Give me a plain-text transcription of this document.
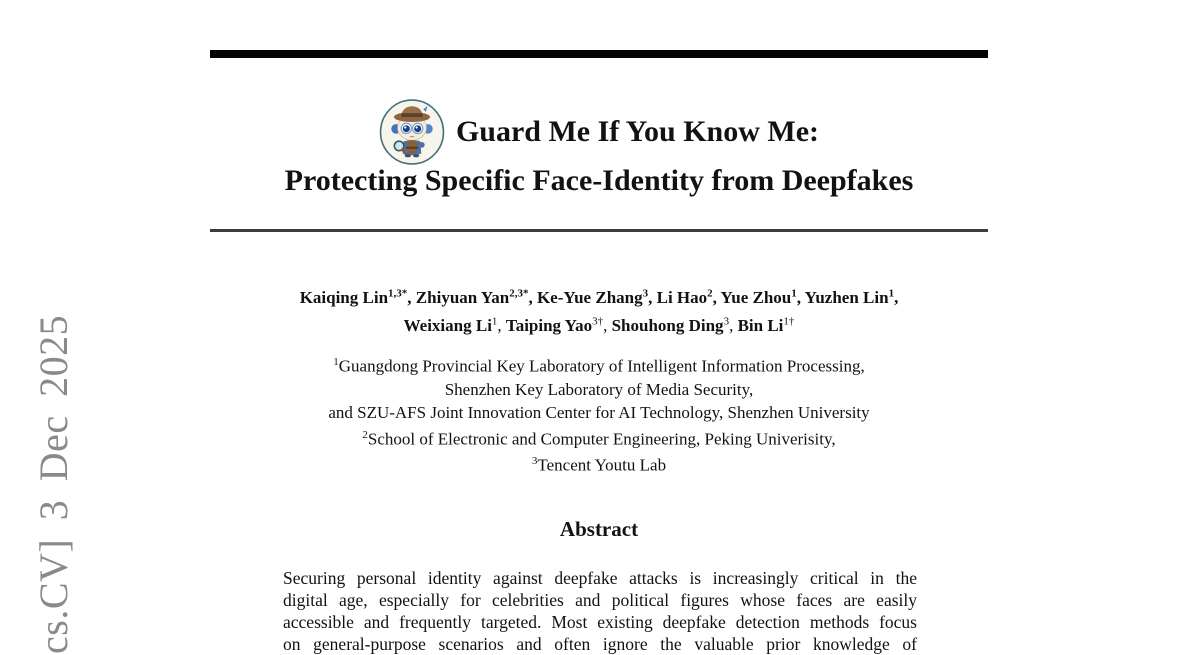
cs.CV] 3 Dec 2025
Guard Me If You Know Me:
Protecting Specific Face-Identity from Deepfakes
Kaiqing Lin$^{1,3*}$, Zhiyuan Yan$^{2,3*}$, Ke-Yue Zhang$^3$, Li Hao$^2$, Yue Zhou$^1$, Yuzhen Lin$^1$,
Weixiang Li$^1$, Taiping Yao$^{3\dagger}$, Shouhong Ding$^3$, Bin $Li^{1\dagger}$
$^1$Guangdong Provincial Key Laboratory of Intelligent Information Processing,
Shenzhen Key Laboratory of Media Security,
and SZU-AFS Joint Innovation Center for AI Technology, Shenzhen University
$^2$School of Electronic and Computer Engineering, Peking Univerisity,
$^3$Tencent Youtu Lab
Abstract
Securing personal identity against deepfake attacks is increasingly critical in the
digital age, especially for celebrities and political figures whose faces are easily
accessible and frequently targeted. Most existing deepfake detection methods focus
on general-purpose scenarios and often ignore the valuable prior knowledge of
